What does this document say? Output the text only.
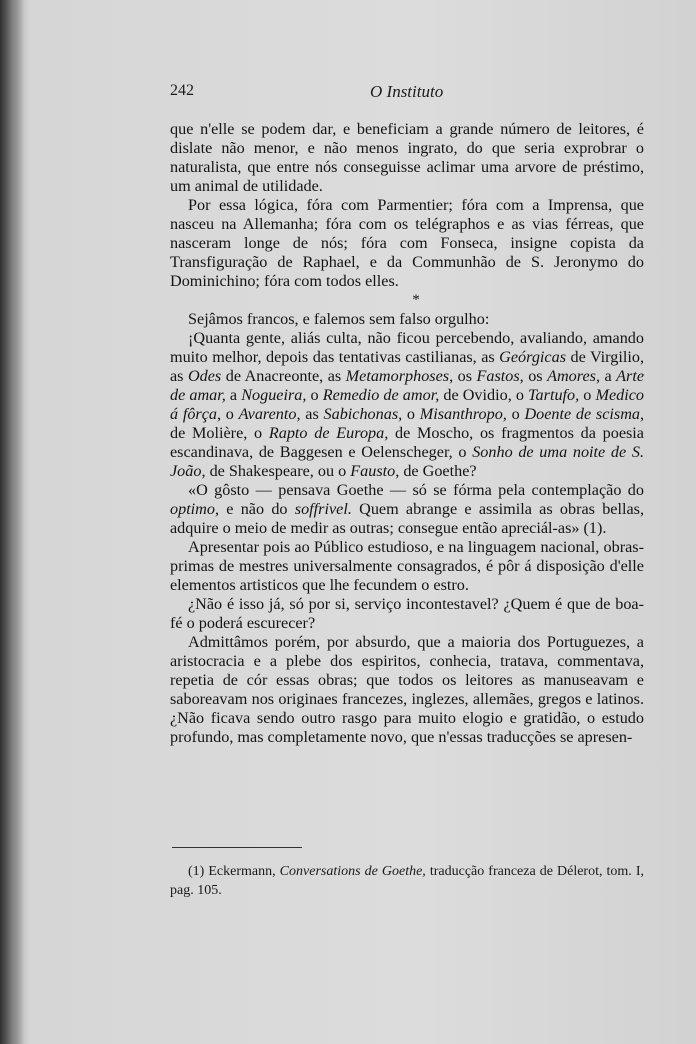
242	O Instituto

que n'elle se podem dar, e beneficiam a grande número de leitores, é dislate não menor, e não menos ingrato, do que seria exprobrar o naturalista, que entre nós conseguisse aclimar uma arvore de préstimo, um animal de utilidade.

Por essa lógica, fóra com Parmentier; fóra com a Imprensa, que nasceu na Allemanha; fóra com os telégraphos e as vias férreas, que nasceram longe de nós; fóra com Fonseca, insigne copista da Transfiguração de Raphael, e da Communhão de S. Jeronymo do Dominichino; fóra com todos elles.

*

Sejâmos francos, e falemos sem falso orgulho:

¡Quanta gente, aliás culta, não ficou percebendo, avaliando, amando muito melhor, depois das tentativas castilianas, as Geórgicas de Virgilio, as Odes de Anacreonte, as Metamorphoses, os Fastos, os Amores, a Arte de amar, a Nogueira, o Remedio de amor, de Ovidio, o Tartufo, o Medico á fôrça, o Avarento, as Sabichonas, o Misanthropo, o Doente de scisma, de Molière, o Rapto de Europa, de Moscho, os fragmentos da poesia escandinava, de Baggesen e Oelenscheger, o Sonho de uma noite de S. João, de Shakespeare, ou o Fausto, de Goethe?

«O gôsto — pensava Goethe — só se fórma pela contemplação do optimo, e não do soffrivel. Quem abrange e assimila as obras bellas, adquire o meio de medir as outras; consegue então apreciál-as» (1).

Apresentar pois ao Público estudioso, e na linguagem nacional, obras-primas de mestres universalmente consagrados, é pôr á disposição d'elle elementos artisticos que lhe fecundem o estro.

¿Não é isso já, só por si, serviço incontestavel? ¿Quem é que de boa-fé o poderá escurecer?

Admittâmos porém, por absurdo, que a maioria dos Portuguezes, a aristocracia e a plebe dos espiritos, conhecia, tratava, commentava, repetia de cór essas obras; que todos os leitores as manuseavam e saboreavam nos originaes francezes, inglezes, allemães, gregos e latinos. ¿Não ficava sendo outro rasgo para muito elogio e gratidão, o estudo profundo, mas completamente novo, que n'essas traducções se apresen-

(1) Eckermann, Conversations de Goethe, traducção franceza de Délerot, tom. I, pag. 105.
